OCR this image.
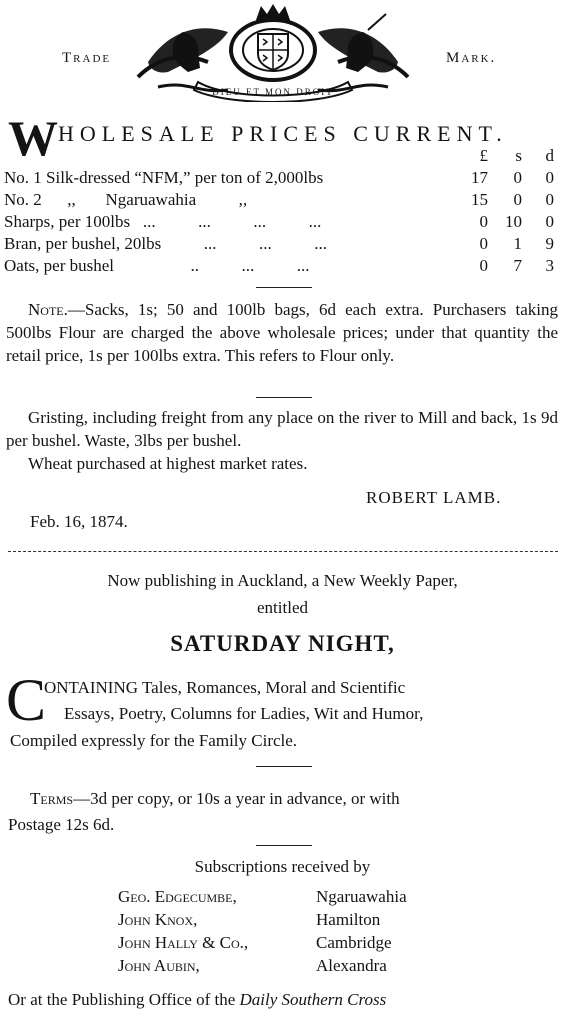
Trade	Mark.
DIEU ET MON DROIT
WHOLESALE PRICES CURRENT.
£	s	d
No. 1 Silk-dressed “NFM,” per ton of 2,000lbs	17	0	0
No. 2      ,,       Ngaruawahia          ,,	15	0	0
Sharps, per 100lbs   ...          ...          ...          ...	0	10	0
Bran, per bushel, 20lbs          ...          ...          ...	0	1	9
Oats, per bushel                  ..          ...          ...	0	7	3
Note.—Sacks, 1s; 50 and 100lb bags, 6d each extra. Purchasers taking 500lbs Flour are charged the above wholesale prices; under that quantity the retail price, 1s per 100lbs extra. This refers to Flour only.
Gristing, including freight from any place on the river to Mill and back, 1s 9d per bushel. Waste, 3lbs per bushel.
Wheat purchased at highest market rates.
ROBERT LAMB.
Feb. 16, 1874.
Now publishing in Auckland, a New Weekly Paper,
entitled
SATURDAY NIGHT,
C
ONTAINING Tales, Romances, Moral and Scientific
Essays, Poetry, Columns for Ladies, Wit and Humor,
Compiled expressly for the Family Circle.
Terms—3d per copy, or 10s a year in advance, or with
Postage 12s 6d.
Subscriptions received by
Geo. Edgecumbe,	Ngaruawahia
John Knox,	Hamilton
John Hally & Co.,	Cambridge
John Aubin,	Alexandra
Or at the Publishing Office of the Daily Southern Cross
